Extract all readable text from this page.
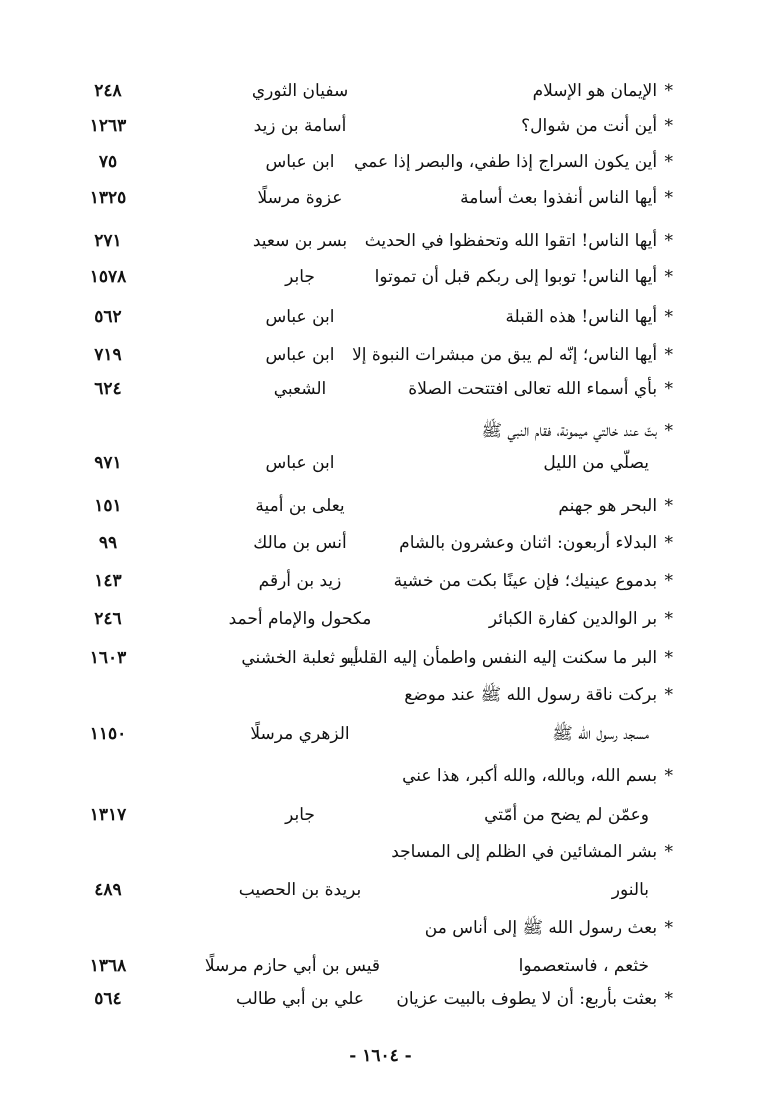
* الإيمان هو الإسلام
سفيان الثوري
٢٤٨
* أين أنت من شوال؟
أسامة بن زيد
١٢٦٣
* أين يكون السراج إذا طفي، والبصر إذا عمي
ابن عباس
٧٥
* أيها الناس أنفذوا بعث أسامة
عزوة مرسلًا
١٣٢٥
* أيها الناس! اتقوا الله وتحفظوا في الحديث
بسر بن سعيد
٢٧١
* أيها الناس! توبوا إلى ربكم قبل أن تموتوا
جابر
١٥٧٨
* أيها الناس! هذه القبلة
ابن عباس
٥٦٢
* أيها الناس؛ إنّه لم يبق من مبشرات النبوة إلا
ابن عباس
٧١٩
* بأي أسماء الله تعالى افتتحت الصلاة
الشعبي
٦٢٤
* بتّ عند خالتي ميمونة، فقام النبي ﷺ
يصلّي من الليل
ابن عباس
٩٧١
* البحر هو جهنم
يعلى بن أمية
١٥١
* البدلاء أربعون: اثنان وعشرون بالشام
أنس بن مالك
٩٩
* بدموع عينيك؛ فإن عينًا بكت من خشية
زيد بن أرقم
١٤٣
* بر الوالدين كفارة الكبائر
مكحول والإمام أحمد
٢٤٦
* البر ما سكنت إليه النفس واطمأن إليه القلب
أبو ثعلبة الخشني
١٦٠٣
* بركت ناقة رسول الله ﷺ عند موضع
مسجد رسول الله ﷺ
الزهري مرسلًا
١١٥٠
* بسم الله، وبالله، والله أكبر، هذا عني
وعمّن لم يضح من أمّتي
جابر
١٣١٧
* بشر المشائين في الظلم إلى المساجد
بالنور
بريدة بن الحصيب
٤٨٩
* بعث رسول الله ﷺ إلى أناس من
خثعم ، فاستعصموا
قيس بن أبي حازم مرسلًا
١٣٦٨
* بعثت بأربع: أن لا يطوف بالبيت عزيان
علي بن أبي طالب
٥٦٤
- ١٦٠٤ -
